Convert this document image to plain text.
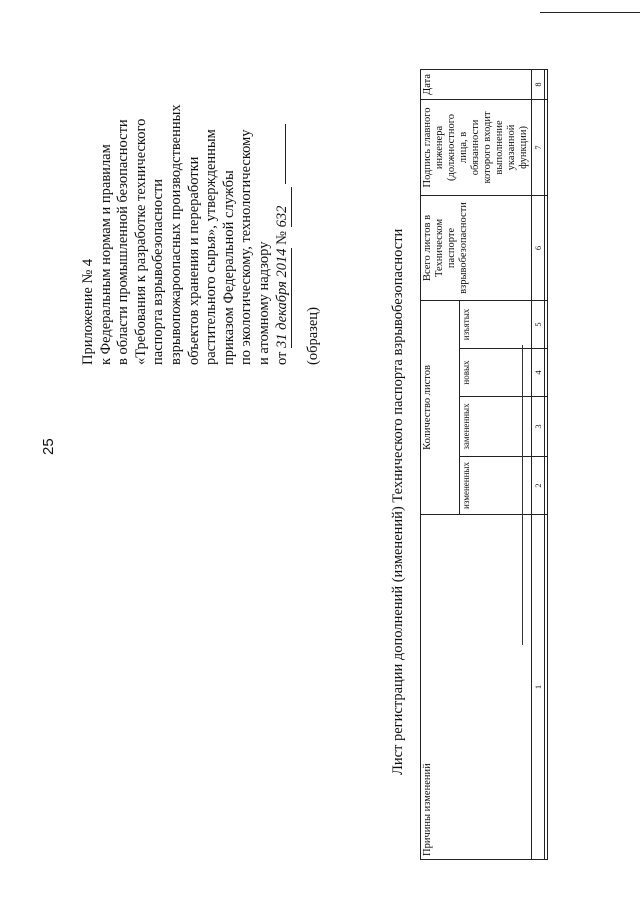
25
Приложение № 4 к Федеральным нормам и правилам в области промышленной безопасности «Требования к разработке технического паспорта взрывобезопасности взрывопожароопасных производственных объектов хранения и переработки растительного сырья», утвержденным приказом Федеральной службы по экологическому, технологическому и атомному надзору от 31 декабря 2014 № 632
(образец)	Лист регистрации дополнений (изменений) Технического паспорта взрывобезопасности
Причины изменений	Количество листов				Всего листов в Техническом паспорте взрывобезопасности	Подпись главного инженера (должностного лица, в обязанности которого входит выполнение указанной функции)	Дата
	измененных	замененных	новых	изъятых			
1	2	3	4	5	6	7	8
